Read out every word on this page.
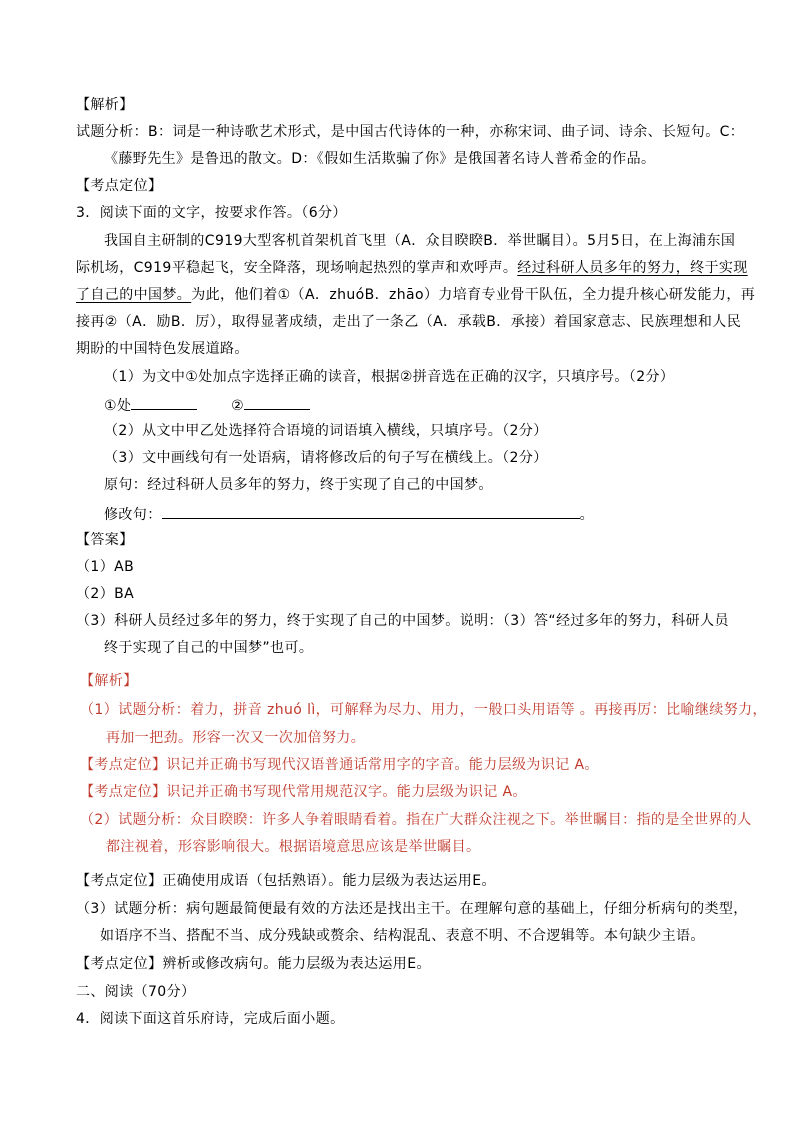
【解析】
试题分析：B：词是一种诗歌艺术形式，是中国古代诗体的一种，亦称宋词、曲子词、诗余、长短句。C：
《藤野先生》是鲁迅的散文。D：《假如生活欺骗了你》是俄国著名诗人普希金的作品。
【考点定位】
3．阅读下面的文字，按要求作答。（6分）
我国自主研制的C919大型客机首架机首飞里（A．众目睽睽B．举世瞩目）。5月5日，在上海浦东国
际机场，C919平稳起飞，安全降落，现场响起热烈的掌声和欢呼声。经过科研人员多年的努力，终于实现
了自己的中国梦。为此，他们着①（A．zhuóB．zhāo）力培育专业骨干队伍，全力提升核心研发能力，再
接再②（A．励B．厉），取得显著成绩，走出了一条乙（A．承载B．承接）着国家意志、民族理想和人民
期盼的中国特色发展道路。
（1）为文中①处加点字选择正确的读音，根据②拼音选在正确的汉字，只填序号。（2分）
①处	②
（2）从文中甲乙处选择符合语境的词语填入横线，只填序号。（2分）
（3）文中画线句有一处语病，请将修改后的句子写在横线上。（2分）
原句：经过科研人员多年的努力，终于实现了自己的中国梦。
修改句：	。
【答案】
（1）AB
（2）BA
（3）科研人员经过多年的努力，终于实现了自己的中国梦。说明：（3）答“经过多年的努力，科研人员
终于实现了自己的中国梦”也可。
【解析】
（1）试题分析：着力，拼音 zhuó lì，可解释为尽力、用力，一般口头用语等 。再接再厉：比喻继续努力，
再加一把劲。形容一次又一次加倍努力。
【考点定位】识记并正确书写现代汉语普通话常用字的字音。能力层级为识记 A。
【考点定位】识记并正确书写现代常用规范汉字。能力层级为识记 A。
（2）试题分析：众目睽睽：许多人争着眼睛看着。指在广大群众注视之下。举世瞩目：指的是全世界的人
都注视着，形容影响很大。根据语境意思应该是举世瞩目。
【考点定位】正确使用成语（包括熟语）。能力层级为表达运用E。
（3）试题分析：病句题最简便最有效的方法还是找出主干。在理解句意的基础上，仔细分析病句的类型，
如语序不当、搭配不当、成分残缺或赘余、结构混乱、表意不明、不合逻辑等。本句缺少主语。
【考点定位】辨析或修改病句。能力层级为表达运用E。
二、阅读（70分）
4．阅读下面这首乐府诗，完成后面小题。
